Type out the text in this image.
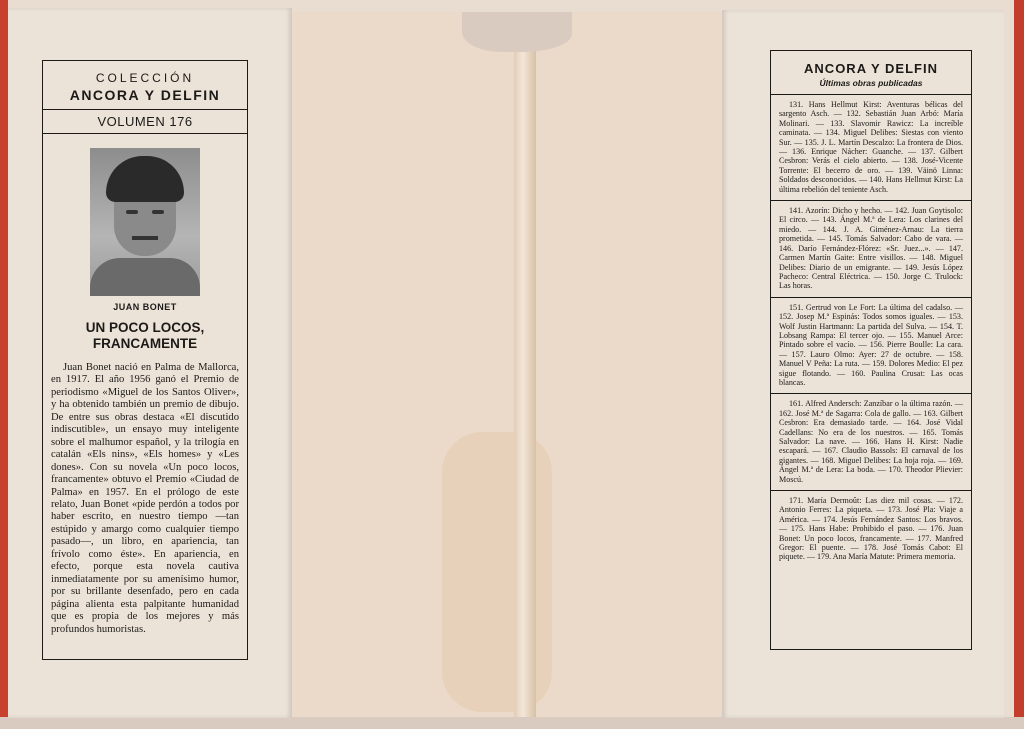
COLECCIÓN
ANCORA Y DELFIN
VOLUMEN 176
JUAN BONET
UN POCO LOCOS,
FRANCAMENTE
Juan Bonet nació en Palma de Mallorca, en 1917. El año 1956 ganó el Premio de periodismo «Miguel de los Santos Oliver», y ha obtenido también un premio de dibujo. De entre sus obras destaca «El discutido indiscutible», un ensayo muy inteligente sobre el malhumor español, y la trilogía en catalán «Els nins», «Els homes» y «Les dones». Con su novela «Un poco locos, francamente» obtuvo el Premio «Ciudad de Palma» en 1957. En el prólogo de este relato, Juan Bonet «pide perdón a todos por haber escrito, en nuestro tiempo —tan estúpido y amargo como cualquier tiempo pasado—, un libro, en apariencia, tan frívolo como éste». En apariencia, en efecto, porque esta novela cautiva inmediatamente por su amenísimo humor, por su brillante desenfado, pero en cada página alienta esta palpitante humanidad que es propia de los mejores y más profundos humoristas.
ANCORA Y DELFIN
Últimas obras publicadas
131. Hans Hellmut Kirst: Aventuras bélicas del sargento Asch. — 132. Sebastián Juan Arbó: María Molinari. — 133. Slavomir Rawicz: La increíble caminata. — 134. Miguel Delibes: Siestas con viento Sur. — 135. J. L. Martín Descalzo: La frontera de Dios. — 136. Enrique Nácher: Guanche. — 137. Gilbert Cesbron: Verás el cielo abierto. — 138. José-Vicente Torrente: El becerro de oro. — 139. Väinö Linna: Soldados desconocidos. — 140. Hans Hellmut Kirst: La última rebelión del teniente Asch.
141. Azorín: Dicho y hecho. — 142. Juan Goytisolo: El circo. — 143. Ángel M.ª de Lera: Los clarines del miedo. — 144. J. A. Giménez-Arnau: La tierra prometida. — 145. Tomás Salvador: Cabo de vara. — 146. Darío Fernández-Flórez: «Sr. Juez...». — 147. Carmen Martín Gaite: Entre visillos. — 148. Miguel Delibes: Diario de un emigrante. — 149. Jesús López Pacheco: Central Eléctrica. — 150. Jorge C. Trulock: Las horas.
151. Gertrud von Le Fort: La última del cadalso. — 152. Josep M.ª Espinás: Todos somos iguales. — 153. Wolf Justin Hartmann: La partida del Sulva. — 154. T. Lobsang Rampa: El tercer ojo. — 155. Manuel Arce: Pintado sobre el vacío. — 156. Pierre Boulle: La cara. — 157. Lauro Olmo: Ayer: 27 de octubre. — 158. Manuel V Peña: La ruta. — 159. Dolores Medio: El pez sigue flotando. — 160. Paulina Crusat: Las ocas blancas.
161. Alfred Andersch: Zanzíbar o la última razón. — 162. José M.ª de Sagarra: Cola de gallo. — 163. Gilbert Cesbron: Era demasiado tarde. — 164. José Vidal Cadellans: No era de los nuestros. — 165. Tomás Salvador: La nave. — 166. Hans H. Kirst: Nadie escapará. — 167. Claudio Bassols: El carnaval de los gigantes. — 168. Miguel Delibes: La hoja roja. — 169. Ángel M.ª de Lera: La boda. — 170. Theodor Plievier: Moscú.
171. María Dermoût: Las diez mil cosas. — 172. Antonio Ferres: La piqueta. — 173. José Pla: Viaje a América. — 174. Jesús Fernández Santos: Los bravos. — 175. Hans Habe: Prohibido el paso. — 176. Juan Bonet: Un poco locos, francamente. — 177. Manfred Gregor: El puente. — 178. José Tomás Cabot: El piquete. — 179. Ana María Matute: Primera memoria.
